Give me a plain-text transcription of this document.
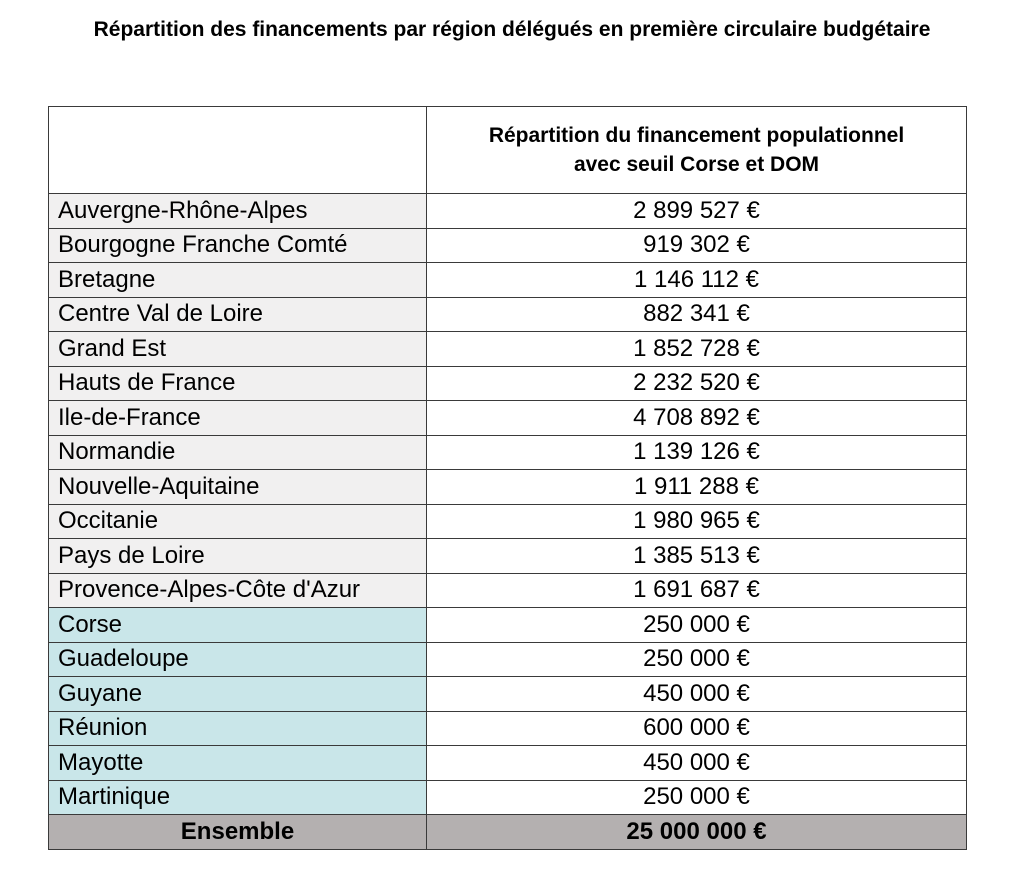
Répartition des financements par région délégués en première circulaire budgétaire
	Répartition du financement populationnel
avec seuil Corse et DOM
Auvergne-Rhône-Alpes	2 899 527 €
Bourgogne Franche Comté	919 302 €
Bretagne	1 146 112 €
Centre Val de Loire	882 341 €
Grand Est	1 852 728 €
Hauts de France	2 232 520 €
Ile-de-France	4 708 892 €
Normandie	1 139 126 €
Nouvelle-Aquitaine	1 911 288 €
Occitanie	1 980 965 €
Pays de Loire	1 385 513 €
Provence-Alpes-Côte d'Azur	1 691 687 €
Corse	250 000 €
Guadeloupe	250 000 €
Guyane	450 000 €
Réunion	600 000 €
Mayotte	450 000 €
Martinique	250 000 €
Ensemble	25 000 000 €
